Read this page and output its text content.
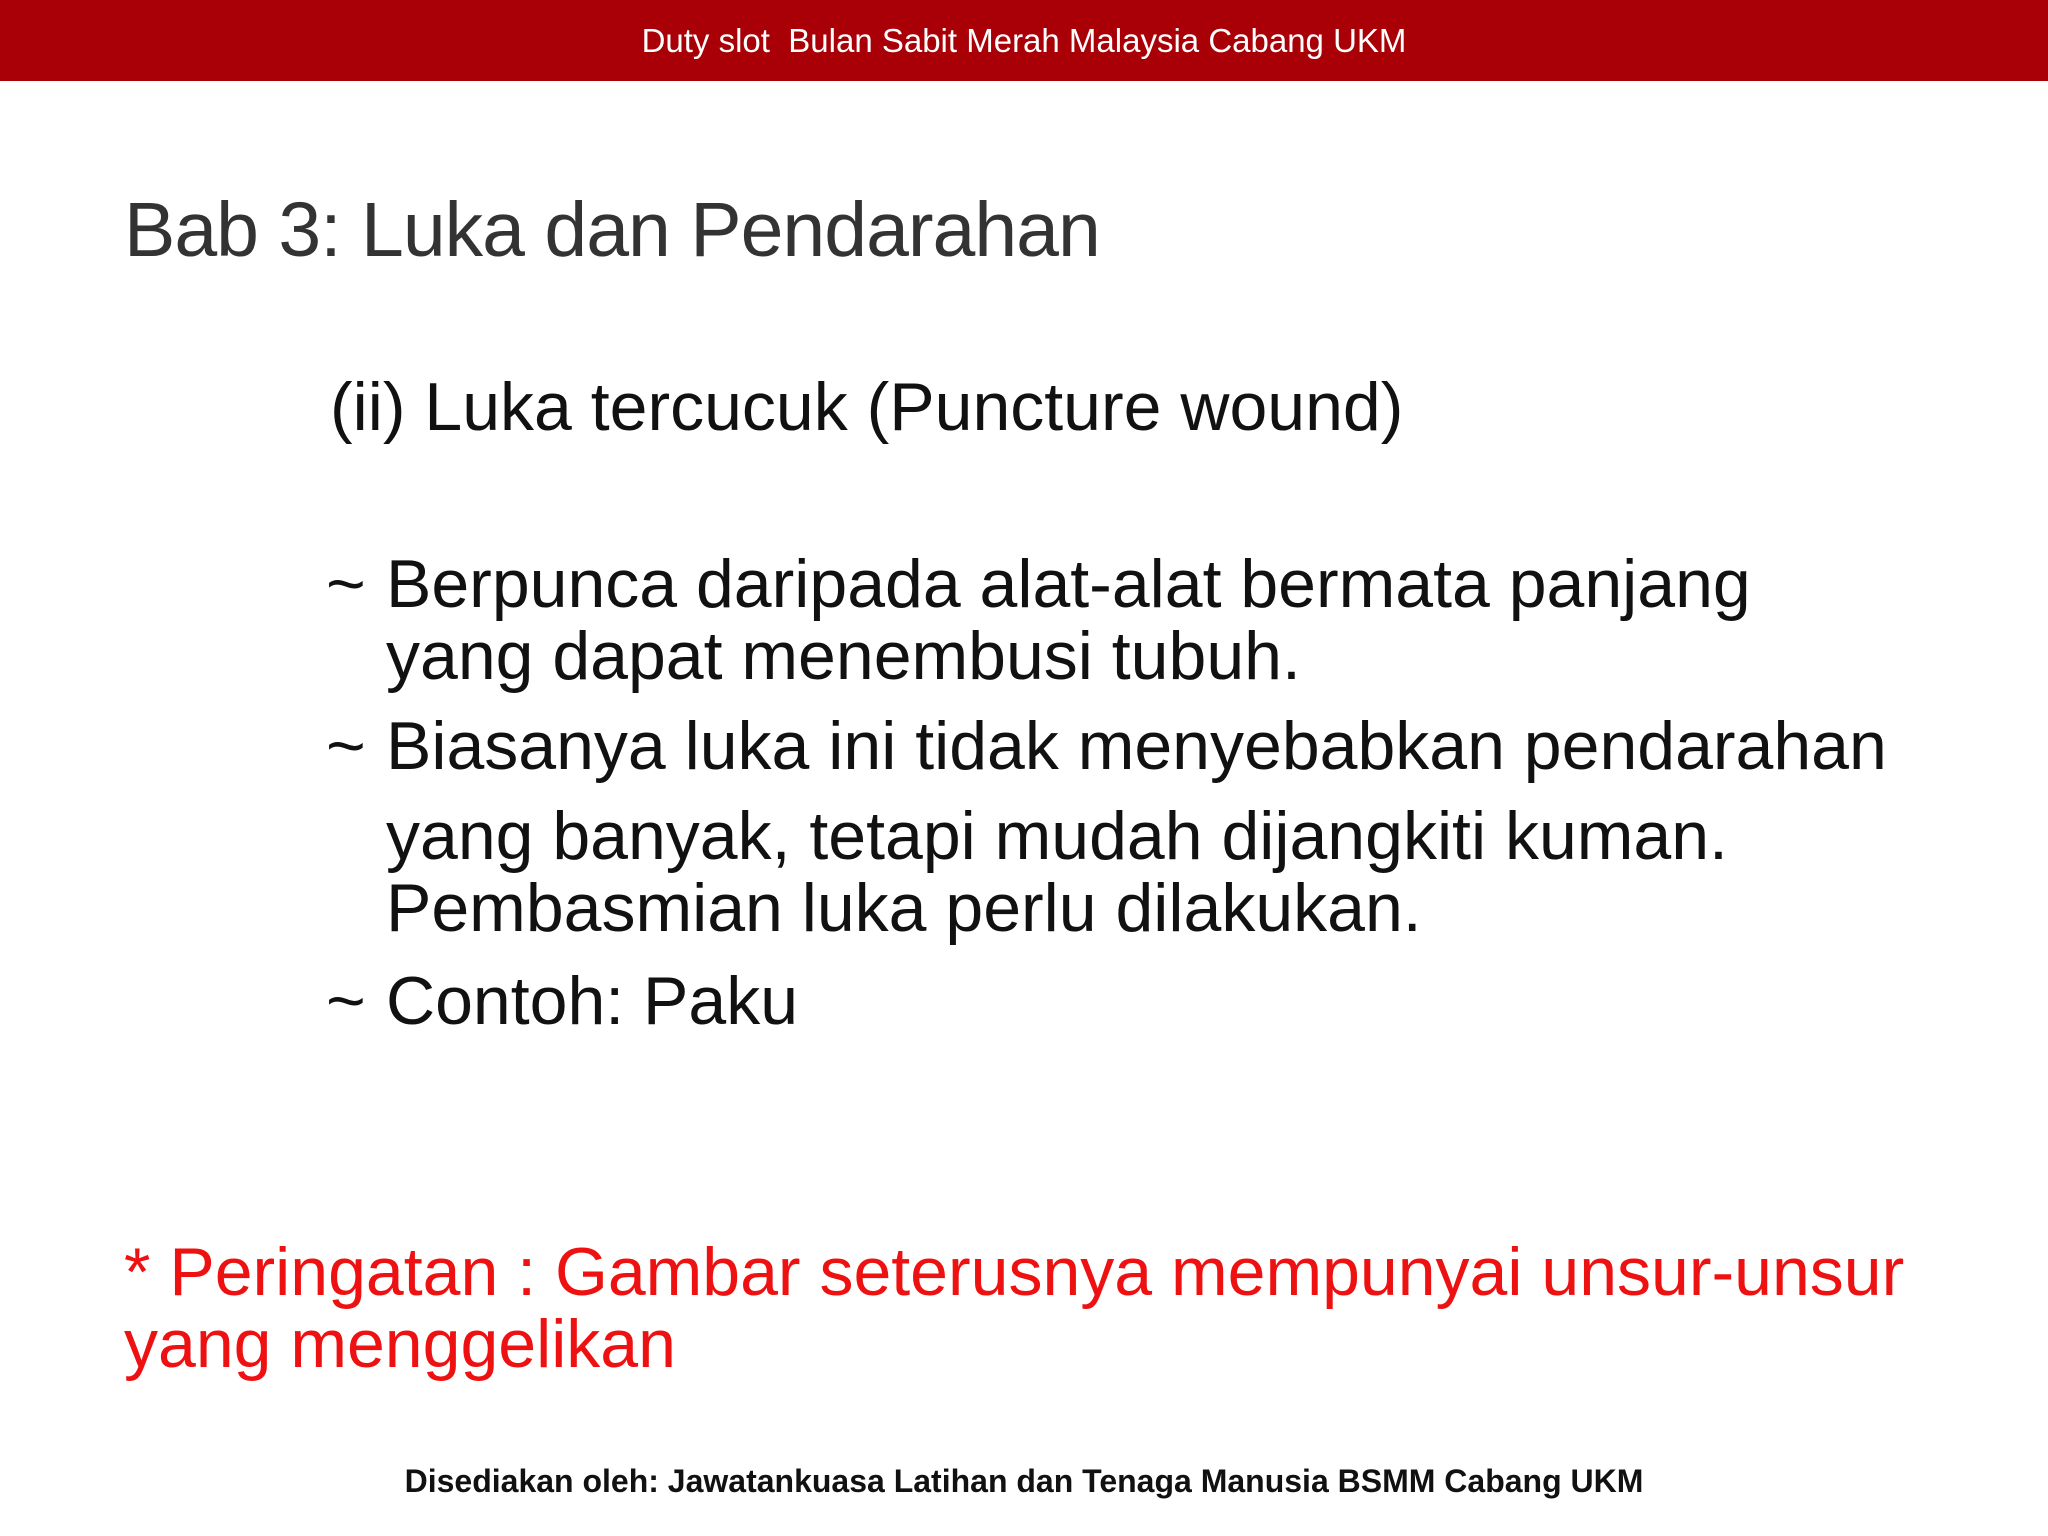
Duty slot  Bulan Sabit Merah Malaysia Cabang UKM
Bab 3: Luka dan Pendarahan
(ii) Luka tercucuk (Puncture wound)
~ Berpunca daripada alat-alat bermata panjang
yang dapat menembusi tubuh.
~ Biasanya luka ini tidak menyebabkan pendarahan
yang banyak, tetapi mudah dijangkiti kuman.
Pembasmian luka perlu dilakukan.
~ Contoh: Paku
* Peringatan : Gambar seterusnya mempunyai unsur-unsur
yang menggelikan
Disediakan oleh: Jawatankuasa Latihan dan Tenaga Manusia BSMM Cabang UKM
